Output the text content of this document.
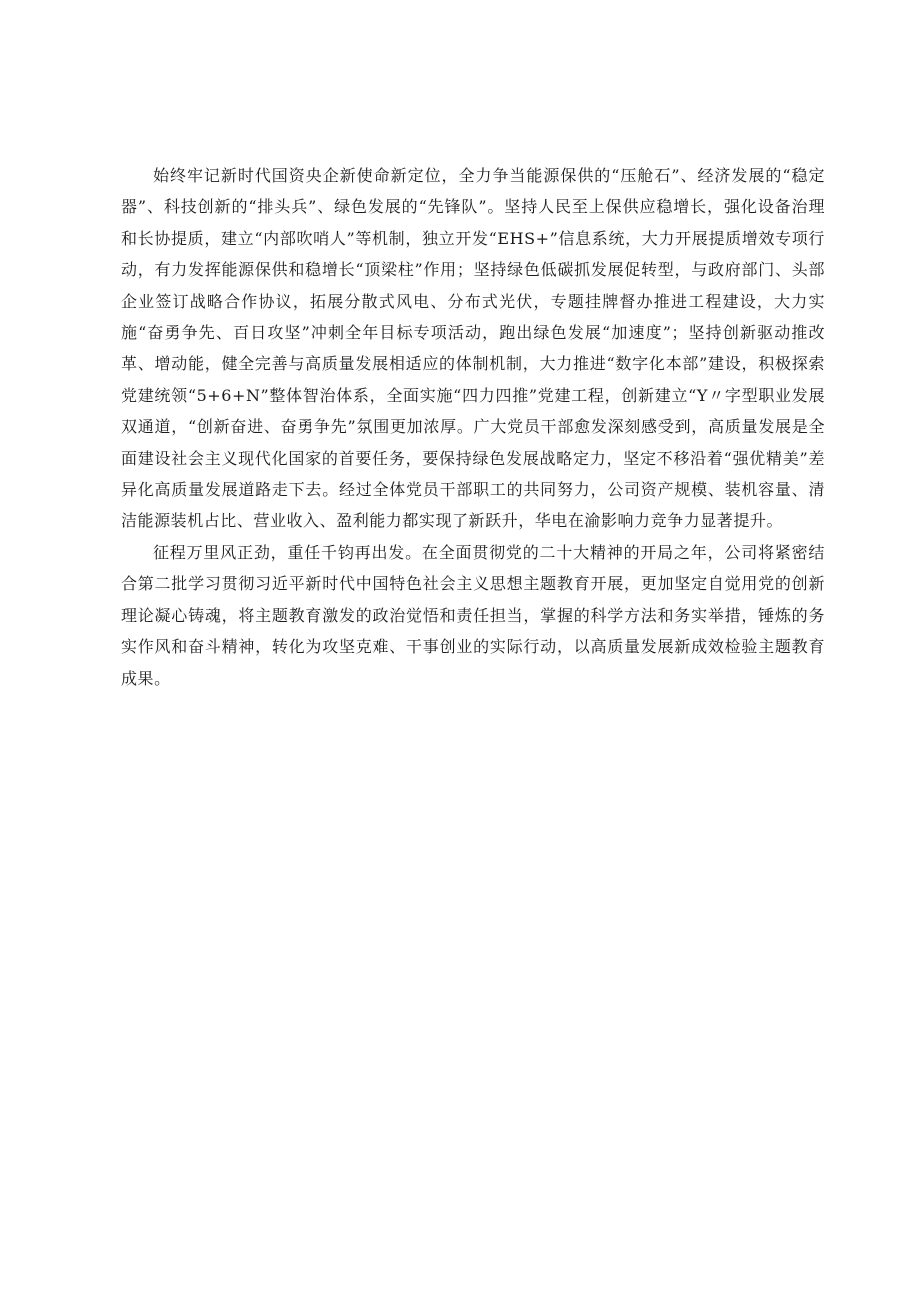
始终牢记新时代国资央企新使命新定位，全力争当能源保供的“压舱石”、经济发展的“稳定器”、科技创新的“排头兵”、绿色发展的“先锋队”。坚持人民至上保供应稳增长，强化设备治理和长协提质，建立“内部吹哨人”等机制，独立开发“EHS+”信息系统，大力开展提质增效专项行动，有力发挥能源保供和稳增长“顶梁柱”作用；坚持绿色低碳抓发展促转型，与政府部门、头部企业签订战略合作协议，拓展分散式风电、分布式光伏，专题挂牌督办推进工程建设，大力实施“奋勇争先、百日攻坚”冲刺全年目标专项活动，跑出绿色发展“加速度”；坚持创新驱动推改革、增动能，健全完善与高质量发展相适应的体制机制，大力推进“数字化本部”建设，积极探索党建统领“5+6+N”整体智治体系，全面实施“四力四推”党建工程，创新建立“Y〃字型职业发展双通道，“创新奋进、奋勇争先”氛围更加浓厚。广大党员干部愈发深刻感受到，高质量发展是全面建设社会主义现代化国家的首要任务，要保持绿色发展战略定力，坚定不移沿着“强优精美”差异化高质量发展道路走下去。经过全体党员干部职工的共同努力，公司资产规模、装机容量、清洁能源装机占比、营业收入、盈利能力都实现了新跃升，华电在渝影响力竞争力显著提升。

征程万里风正劲，重任千钧再出发。在全面贯彻党的二十大精神的开局之年，公司将紧密结合第二批学习贯彻习近平新时代中国特色社会主义思想主题教育开展，更加坚定自觉用党的创新理论凝心铸魂，将主题教育激发的政治觉悟和责任担当，掌握的科学方法和务实举措，锤炼的务实作风和奋斗精神，转化为攻坚克难、干事创业的实际行动，以高质量发展新成效检验主题教育成果。
